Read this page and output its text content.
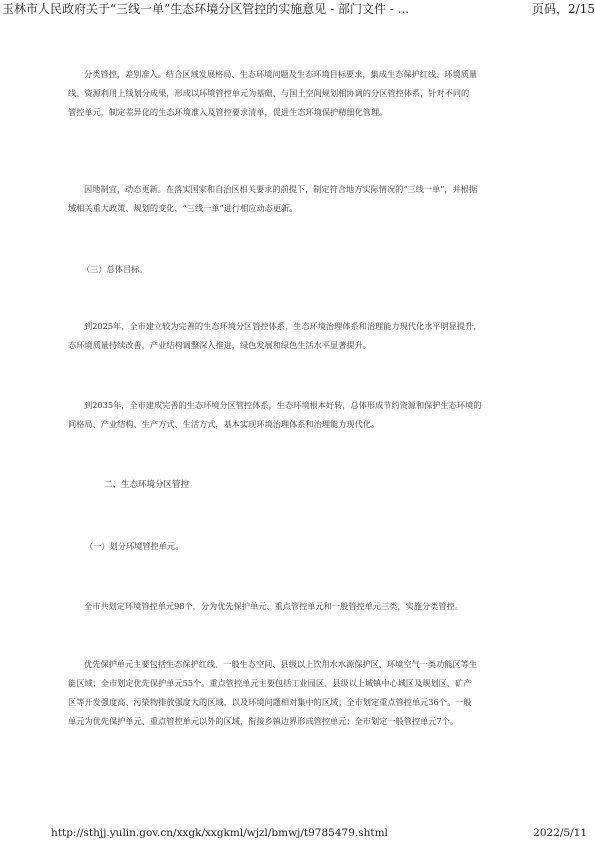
玉林市人民政府关于“三线一单”生态环境分区管控的实施意见 - 部门文件 - ...	页码，2/15
分类管控，差别准入。结合区域发展格局、生态环境问题及生态环境目标要求，集成生态保护红线、环境质量
线、资源利用上线划分成果，形成以环境管控单元为基础、与国土空间规划相协调的分区管控体系，针对不同的
管控单元，制定差异化的生态环境准入及管控要求清单，促进生态环境保护精细化管理。
因地制宜，动态更新。在落实国家和自治区相关要求的前提下，制定符合地方实际情况的“三线一单”，并根据
域相关重大政策、规划的变化，“三线一单”进行相应动态更新。
（三）总体目标。
到2025年，全市建立较为完善的生态环境分区管控体系，生态环境治理体系和治理能力现代化水平明显提升，
态环境质量持续改善，产业结构调整深入推进，绿色发展和绿色生活水平显著提升。
到2035年，全市建成完善的生态环境分区管控体系，生态环境根本好转，总体形成节约资源和保护生态环境的
间格局、产业结构、生产方式、生活方式，基本实现环境治理体系和治理能力现代化。
二、生态环境分区管控
（一）划分环境管控单元。
全市共划定环境管控单元98个，分为优先保护单元、重点管控单元和一般管控单元三类，实施分类管控。
优先保护单元主要包括生态保护红线、一般生态空间、县级以上饮用水水源保护区、环境空气一类功能区等生
能区域；全市划定优先保护单元55个。重点管控单元主要包括工业园区、县级以上城镇中心城区及规划区、矿产
区等开发强度高、污染物排放强度大的区域，以及环境问题相对集中的区域；全市划定重点管控单元36个。一般
单元为优先保护单元、重点管控单元以外的区域，衔接乡镇边界形成管控单元；全市划定一般管控单元7个。
http://sthjj.yulin.gov.cn/xxgk/xxgkml/wjzl/bmwj/t9785479.shtml	2022/5/11
